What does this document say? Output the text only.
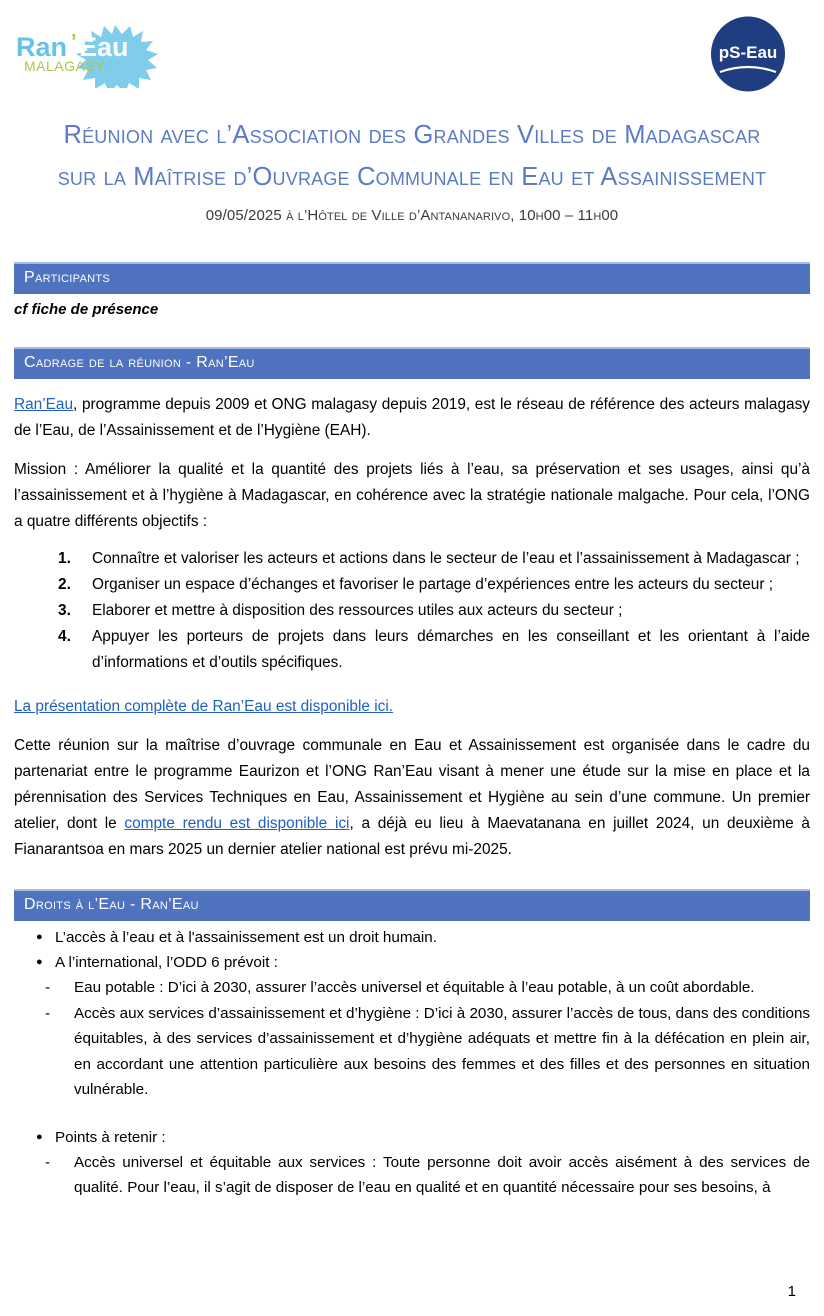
Ran ’ Eau
MALAGASY.
pS-Eau
Réunion avec l’Association des Grandes Villes de Madagascar
sur la Maîtrise d’Ouvrage Communale en Eau et Assainissement
09/05/2025 à l’Hôtel de Ville d’Antananarivo, 10h00 – 11h00
Participants

cf fiche de présence

Cadrage de la réunion - Ran’Eau

Ran’Eau, programme depuis 2009 et ONG malagasy depuis 2019, est le réseau de référence des acteurs malagasy de l’Eau, de l’Assainissement et de l’Hygiène (EAH).

Mission : Améliorer la qualité et la quantité des projets liés à l’eau, sa préservation et ses usages, ainsi qu’à l’assainissement et à l’hygiène à Madagascar, en cohérence avec la stratégie nationale malgache. Pour cela, l’ONG a quatre différents objectifs :

Connaître et valoriser les acteurs et actions dans le secteur de l’eau et l’assainissement à Madagascar ;
Organiser un espace d’échanges et favoriser le partage d’expériences entre les acteurs du secteur ;
Elaborer et mettre à disposition des ressources utiles aux acteurs du secteur ;
Appuyer les porteurs de projets dans leurs démarches en les conseillant et les orientant à l’aide d’informations et d’outils spécifiques.

La présentation complète de Ran’Eau est disponible ici.

Cette réunion sur la maîtrise d’ouvrage communale en Eau et Assainissement est organisée dans le cadre du partenariat entre le programme Eaurizon et l’ONG Ran’Eau visant à mener une étude sur la mise en place et la pérennisation des Services Techniques en Eau, Assainissement et Hygiène au sein d’une commune. Un premier atelier, dont le compte rendu est disponible ici, a déjà eu lieu à Maevatanana en juillet 2024, un deuxième à Fianarantsoa en mars 2025 un dernier atelier national est prévu mi-2025.

Droits à l’Eau - Ran’Eau
● L’accès à l’eau et à l'assainissement est un droit humain.
● A l’international, l’ODD 6 prévoit :
- Eau potable : D’ici à 2030, assurer l’accès universel et équitable à l’eau potable, à un coût abordable.
- Accès aux services d’assainissement et d’hygiène : D’ici à 2030, assurer l’accès de tous, dans des conditions équitables, à des services d’assainissement et d’hygiène adéquats et mettre fin à la défécation en plein air, en accordant une attention particulière aux besoins des femmes et des filles et des personnes en situation vulnérable.
● Points à retenir :
- Accès universel et équitable aux services : Toute personne doit avoir accès aisément à des services de qualité. Pour l’eau, il s’agit de disposer de l’eau en qualité et en quantité nécessaire pour ses besoins, à
1
